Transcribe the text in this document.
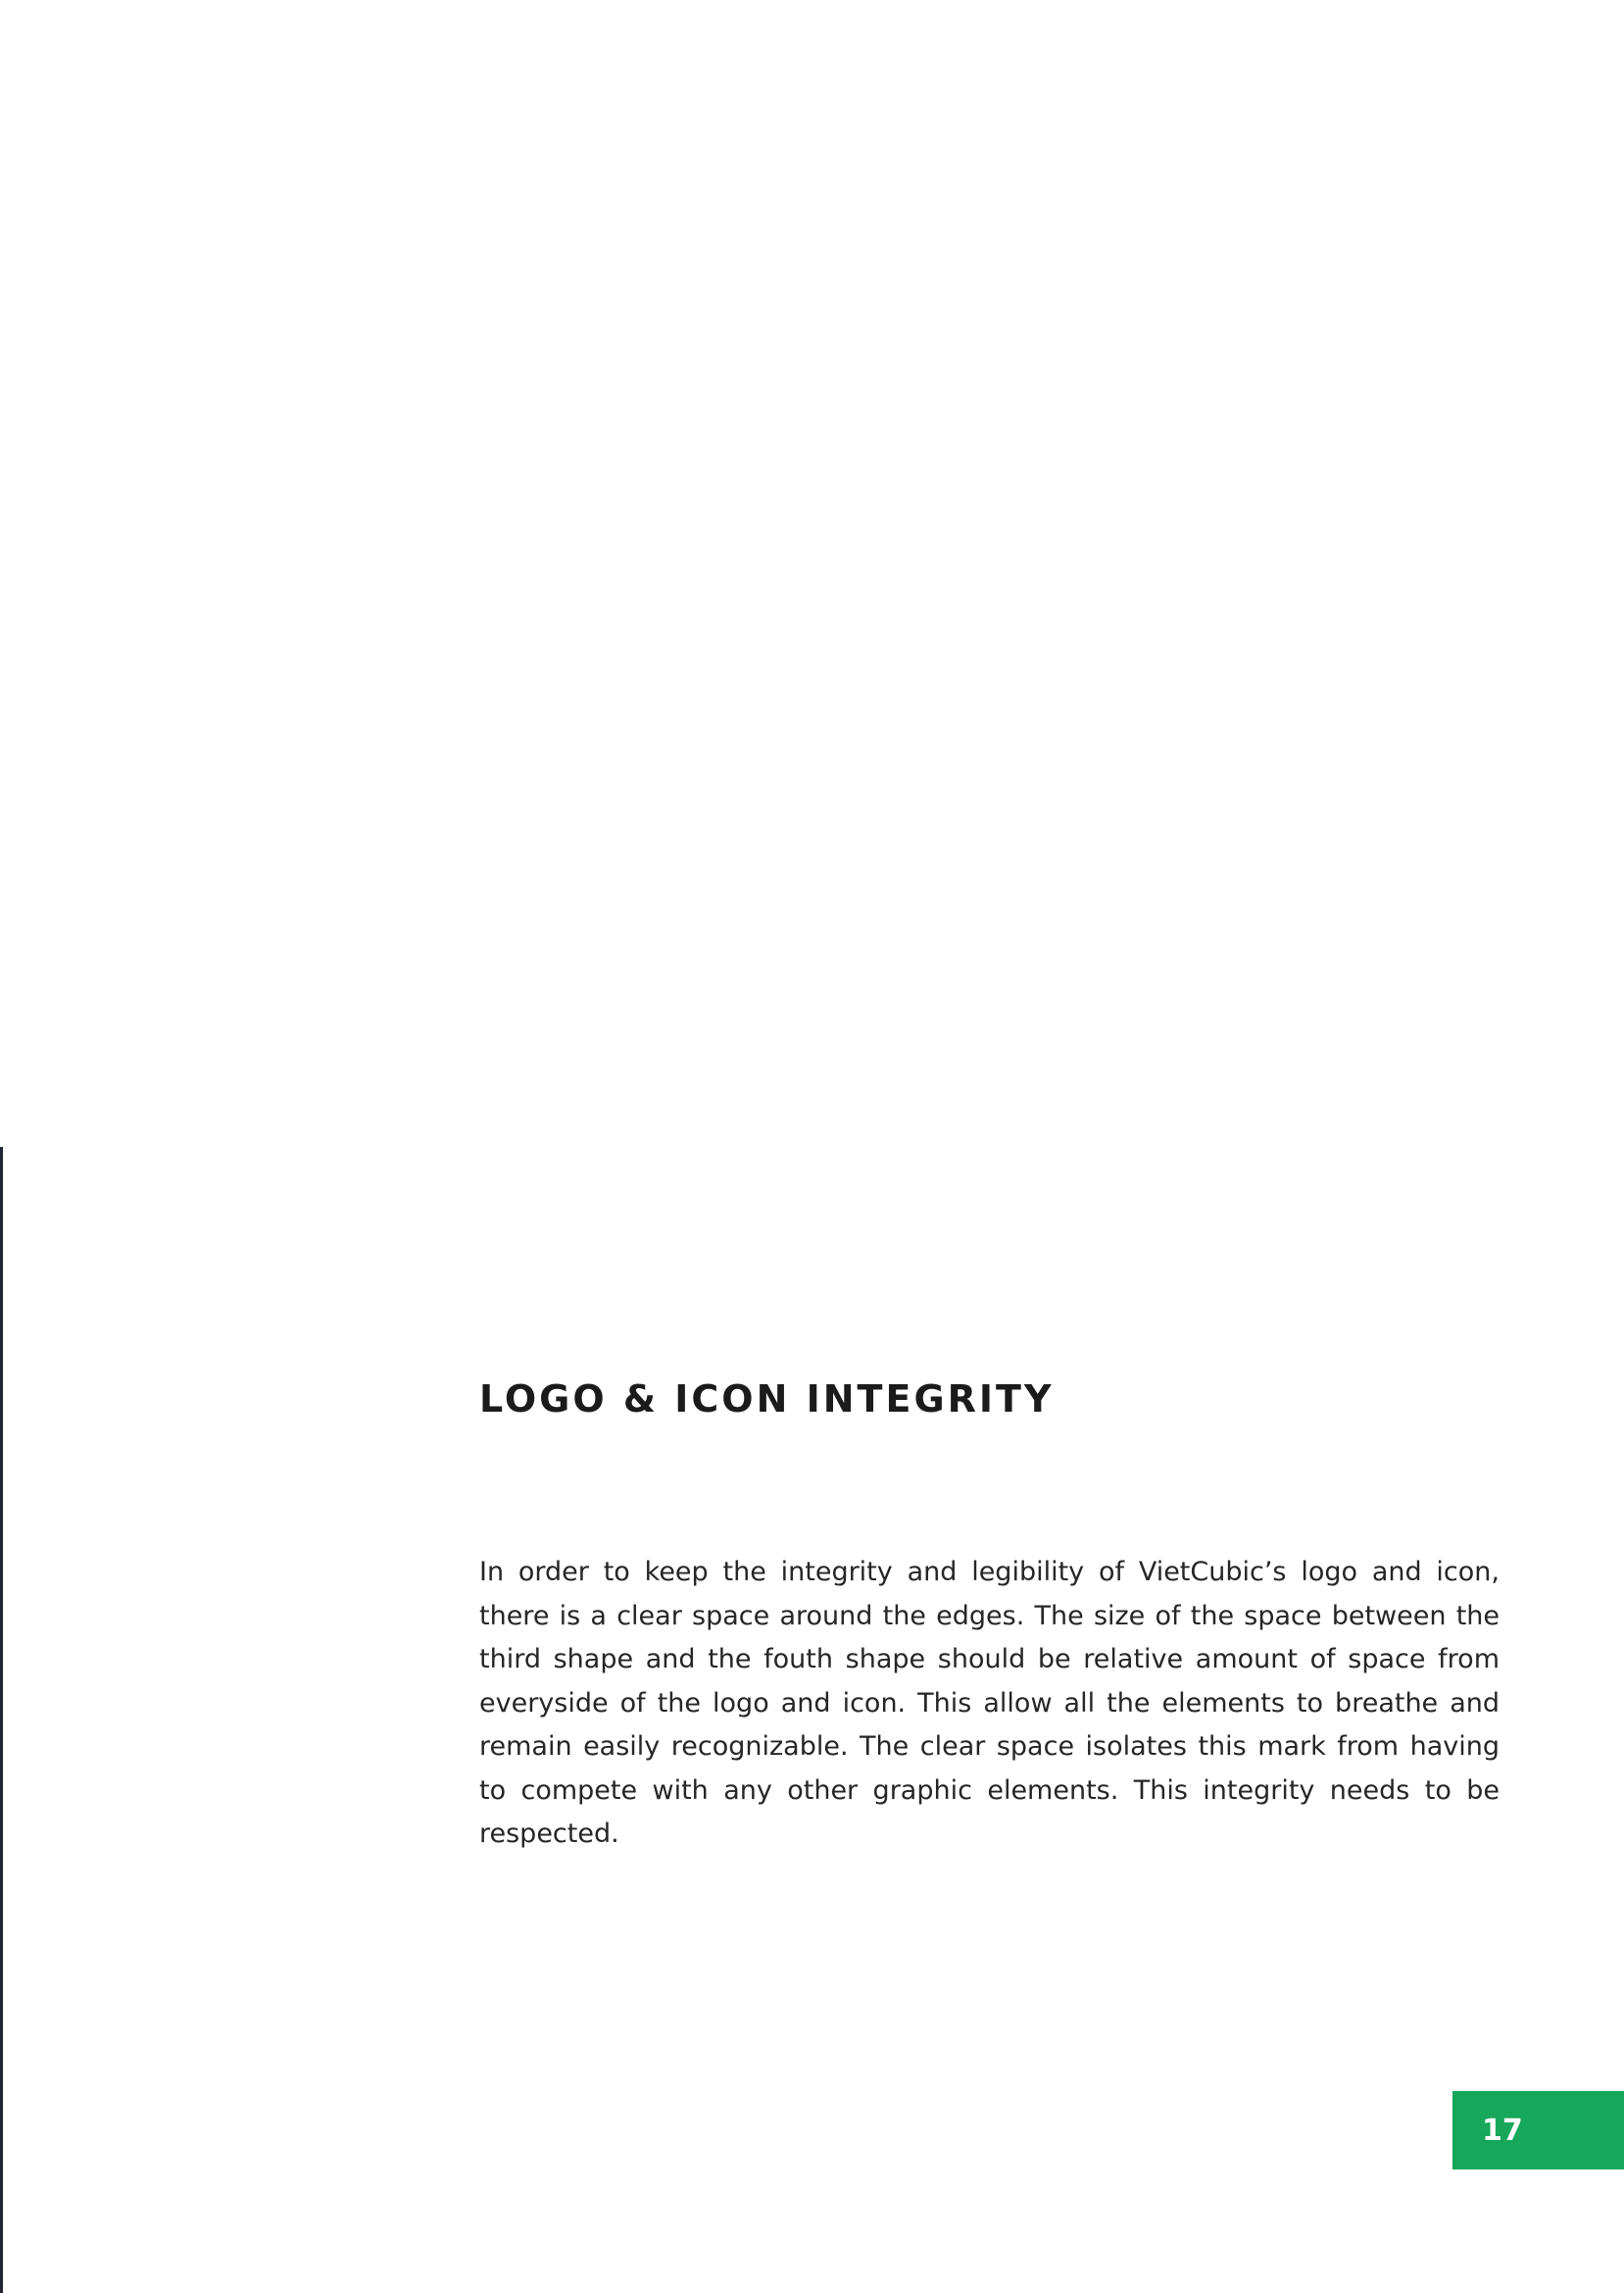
LOGO & ICON INTEGRITY

In order to keep the integrity and legibility of VietCubic’s logo and icon, there is a clear space around the edges. The size of the space between the third shape and the fouth shape should be relative amount of space from everyside of the logo and icon. This allow all the elements to breathe and remain easily recognizable. The clear space isolates this mark from having to compete with any other graphic elements. This integrity needs to be respected.

17
